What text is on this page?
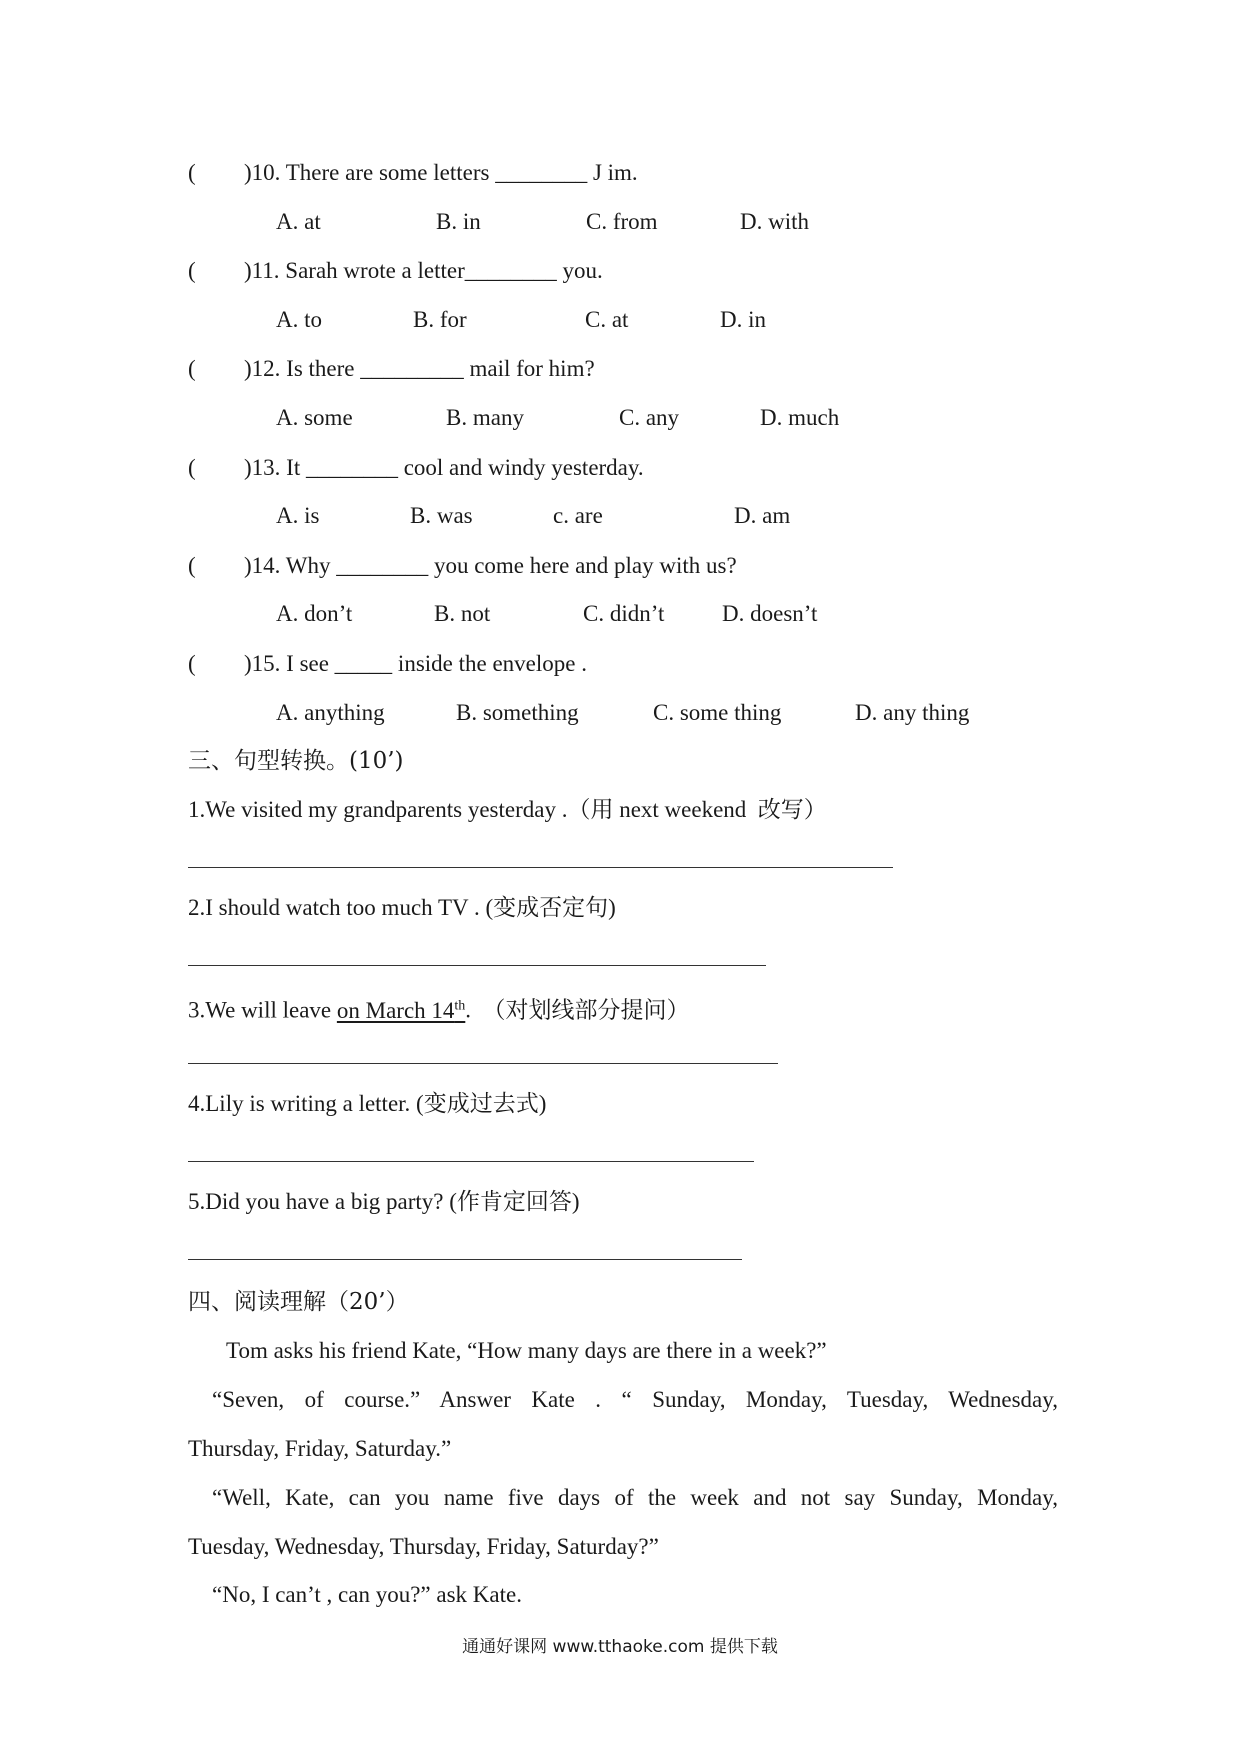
( )10. There are some letters ________ J im.
A. at	B. in	C. from	D. with
( )11. Sarah wrote a letter________ you.
A. to	B. for	C. at	D. in
( )12. Is there _________ mail for him?
A. some	B. many	C. any	D. much
( )13. It ________ cool and windy yesterday.
A. is	B. was	c. are	D. am
( )14. Why ________ you come here and play with us?
A. don’t	B. not	C. didn’t	D. doesn’t
( )15. I see _____ inside the envelope .
A. anything	B. something	C. some thing	D. any thing
三、句型转换。(10’)
1.We visited my grandparents yesterday .（用 next weekend  改写）
2.I should watch too much TV . (变成否定句)
3.We will leave on March 14th.  （对划线部分提问）
4.Lily is writing a letter. (变成过去式)
5.Did you have a big party? (作肯定回答)
四、阅读理解（20’）
Tom asks his friend Kate, “How many days are there in a week?”
“Seven, of course.” Answer Kate . “ Sunday, Monday, Tuesday, Wednesday,
Thursday, Friday, Saturday.”
“Well, Kate, can you name five days of the week and not say Sunday, Monday,
Tuesday, Wednesday, Thursday, Friday, Saturday?”
“No, I can’t , can you?” ask Kate.
通通好课网 www.tthaoke.com 提供下载
